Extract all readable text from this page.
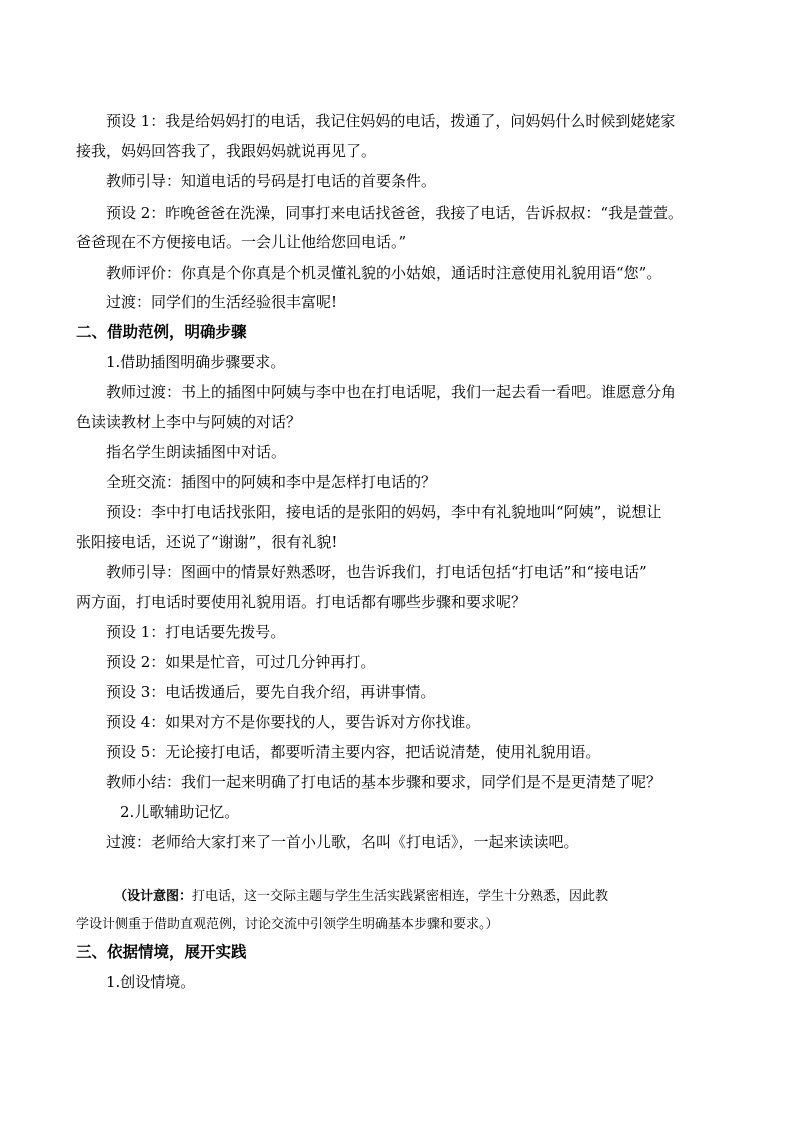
预设 1：我是给妈妈打的电话，我记住妈妈的电话，拨通了，问妈妈什么时候到姥姥家
接我，妈妈回答我了，我跟妈妈就说再见了。
教师引导：知道电话的号码是打电话的首要条件。
预设 2：昨晚爸爸在洗澡，同事打来电话找爸爸，我接了电话，告诉叔叔：“我是萱萱。
爸爸现在不方便接电话。一会儿让他给您回电话。”
教师评价：你真是个你真是个机灵懂礼貌的小姑娘，通话时注意使用礼貌用语“您”。
过渡：同学们的生活经验很丰富呢!
二、借助范例，明确步骤
1.借助插图明确步骤要求。
教师过渡：书上的插图中阿姨与李中也在打电话呢，我们一起去看一看吧。谁愿意分角
色读读教材上李中与阿姨的对话？
指名学生朗读插图中对话。
全班交流：插图中的阿姨和李中是怎样打电话的？
预设：李中打电话找张阳，接电话的是张阳的妈妈，李中有礼貌地叫“阿姨”，说想让
张阳接电话，还说了“谢谢”，很有礼貌!
教师引导：图画中的情景好熟悉呀，也告诉我们，打电话包括“打电话”和“接电话”
两方面，打电话时要使用礼貌用语。打电话都有哪些步骤和要求呢？
预设 1：打电话要先拨号。
预设 2：如果是忙音，可过几分钟再打。
预设 3：电话拨通后，要先自我介绍，再讲事情。
预设 4：如果对方不是你要找的人，要告诉对方你找谁。
预设 5：无论接打电话，都要听清主要内容，把话说清楚，使用礼貌用语。
教师小结：我们一起来明确了打电话的基本步骤和要求，同学们是不是更清楚了呢？
2.儿歌辅助记忆。
过渡：老师给大家打来了一首小儿歌，名叫《打电话》，一起来读读吧。
（设计意图：打电话，这一交际主题与学生生活实践紧密相连，学生十分熟悉，因此教
学设计侧重于借助直观范例，讨论交流中引领学生明确基本步骤和要求。）
三、依据情境，展开实践
1.创设情境。
